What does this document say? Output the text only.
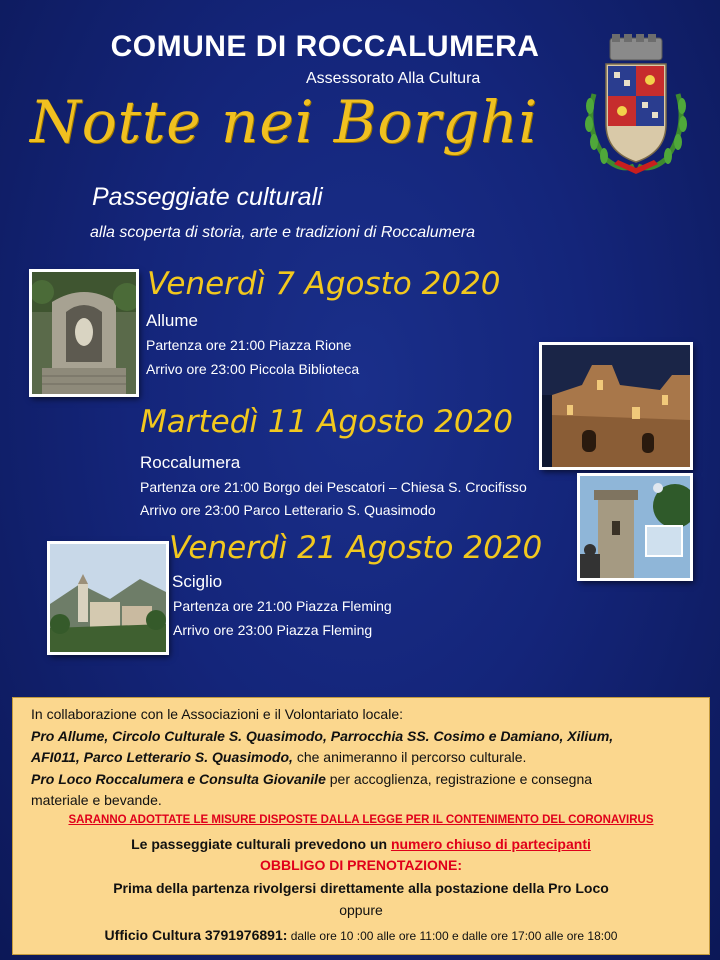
COMUNE DI ROCCALUMERA
Assessorato Alla Cultura
Notte nei Borghi
Passeggiate culturali
alla scoperta di storia, arte e tradizioni di Roccalumera
Venerdì 7 Agosto 2020
Allume
Partenza ore 21:00 Piazza Rione
Arrivo ore 23:00 Piccola Biblioteca
Martedì 11 Agosto 2020
Roccalumera
Partenza ore 21:00 Borgo dei Pescatori – Chiesa S. Crocifisso
Arrivo ore 23:00 Parco Letterario S. Quasimodo
Venerdì 21 Agosto 2020
Sciglio
Partenza ore 21:00 Piazza Fleming
Arrivo ore 23:00 Piazza Fleming
In collaborazione con le Associazioni e il Volontariato locale:
Pro Allume, Circolo Culturale S. Quasimodo, Parrocchia SS. Cosimo e Damiano, Xilium,
AFI011, Parco Letterario S. Quasimodo, che animeranno il percorso culturale.
Pro Loco Roccalumera e Consulta Giovanile per accoglienza, registrazione e consegna
materiale e bevande.
SARANNO ADOTTATE LE MISURE DISPOSTE DALLA LEGGE PER IL CONTENIMENTO DEL CORONAVIRUS
Le passeggiate culturali prevedono un numero chiuso di partecipanti
OBBLIGO DI PRENOTAZIONE:
Prima della partenza rivolgersi direttamente alla postazione della Pro Loco
oppure
Ufficio Cultura 3791976891: dalle ore 10 :00 alle ore 11:00 e dalle ore 17:00 alle ore 18:00
